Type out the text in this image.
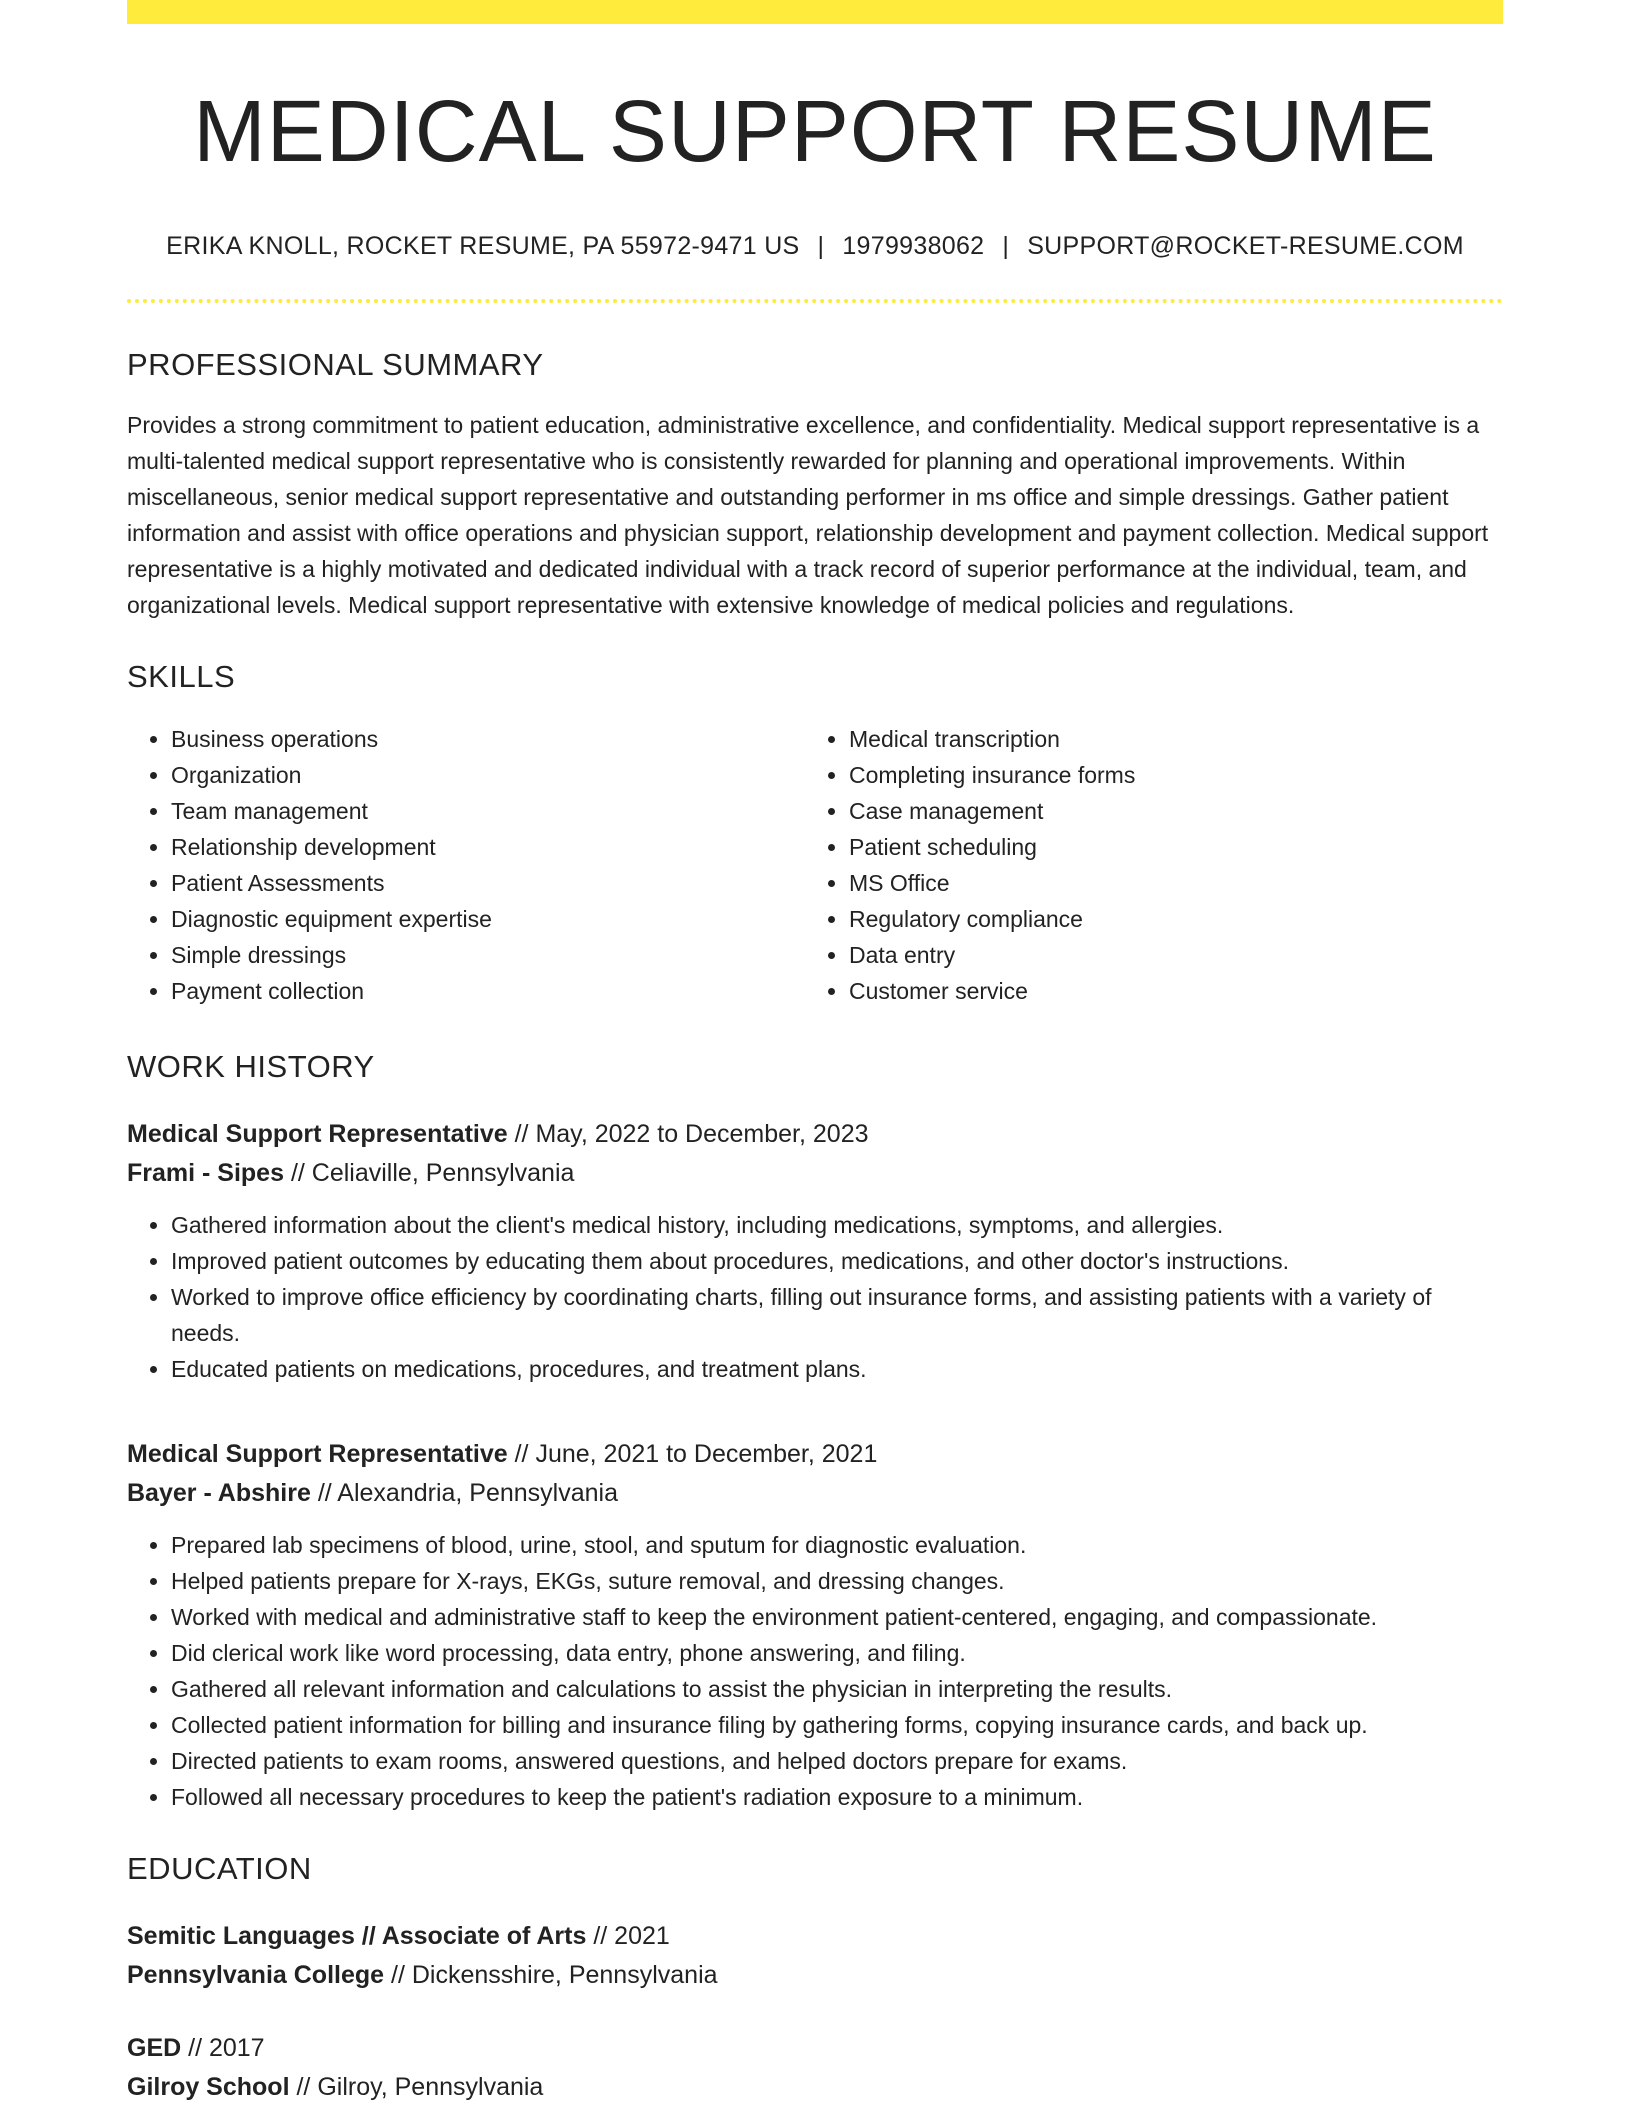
MEDICAL SUPPORT RESUME
ERIKA KNOLL, ROCKET RESUME, PA 55972-9471 US | 1979938062 | SUPPORT@ROCKET-RESUME.COM
PROFESSIONAL SUMMARY
Provides a strong commitment to patient education, administrative excellence, and confidentiality. Medical support representative is a multi-talented medical support representative who is consistently rewarded for planning and operational improvements. Within miscellaneous, senior medical support representative and outstanding performer in ms office and simple dressings. Gather patient information and assist with office operations and physician support, relationship development and payment collection. Medical support representative is a highly motivated and dedicated individual with a track record of superior performance at the individual, team, and organizational levels. Medical support representative with extensive knowledge of medical policies and regulations.
SKILLS
• Business operations
• Organization
• Team management
• Relationship development
• Patient Assessments
• Diagnostic equipment expertise
• Simple dressings
• Payment collection
• Medical transcription
• Completing insurance forms
• Case management
• Patient scheduling
• MS Office
• Regulatory compliance
• Data entry
• Customer service
WORK HISTORY
Medical Support Representative // May, 2022 to December, 2023
Frami - Sipes // Celiaville, Pennsylvania
• Gathered information about the client's medical history, including medications, symptoms, and allergies.
• Improved patient outcomes by educating them about procedures, medications, and other doctor's instructions.
• Worked to improve office efficiency by coordinating charts, filling out insurance forms, and assisting patients with a variety of needs.
• Educated patients on medications, procedures, and treatment plans.
Medical Support Representative // June, 2021 to December, 2021
Bayer - Abshire // Alexandria, Pennsylvania
• Prepared lab specimens of blood, urine, stool, and sputum for diagnostic evaluation.
• Helped patients prepare for X-rays, EKGs, suture removal, and dressing changes.
• Worked with medical and administrative staff to keep the environment patient-centered, engaging, and compassionate.
• Did clerical work like word processing, data entry, phone answering, and filing.
• Gathered all relevant information and calculations to assist the physician in interpreting the results.
• Collected patient information for billing and insurance filing by gathering forms, copying insurance cards, and back up.
• Directed patients to exam rooms, answered questions, and helped doctors prepare for exams.
• Followed all necessary procedures to keep the patient's radiation exposure to a minimum.
EDUCATION
Semitic Languages // Associate of Arts // 2021
Pennsylvania College // Dickensshire, Pennsylvania
GED // 2017
Gilroy School // Gilroy, Pennsylvania
